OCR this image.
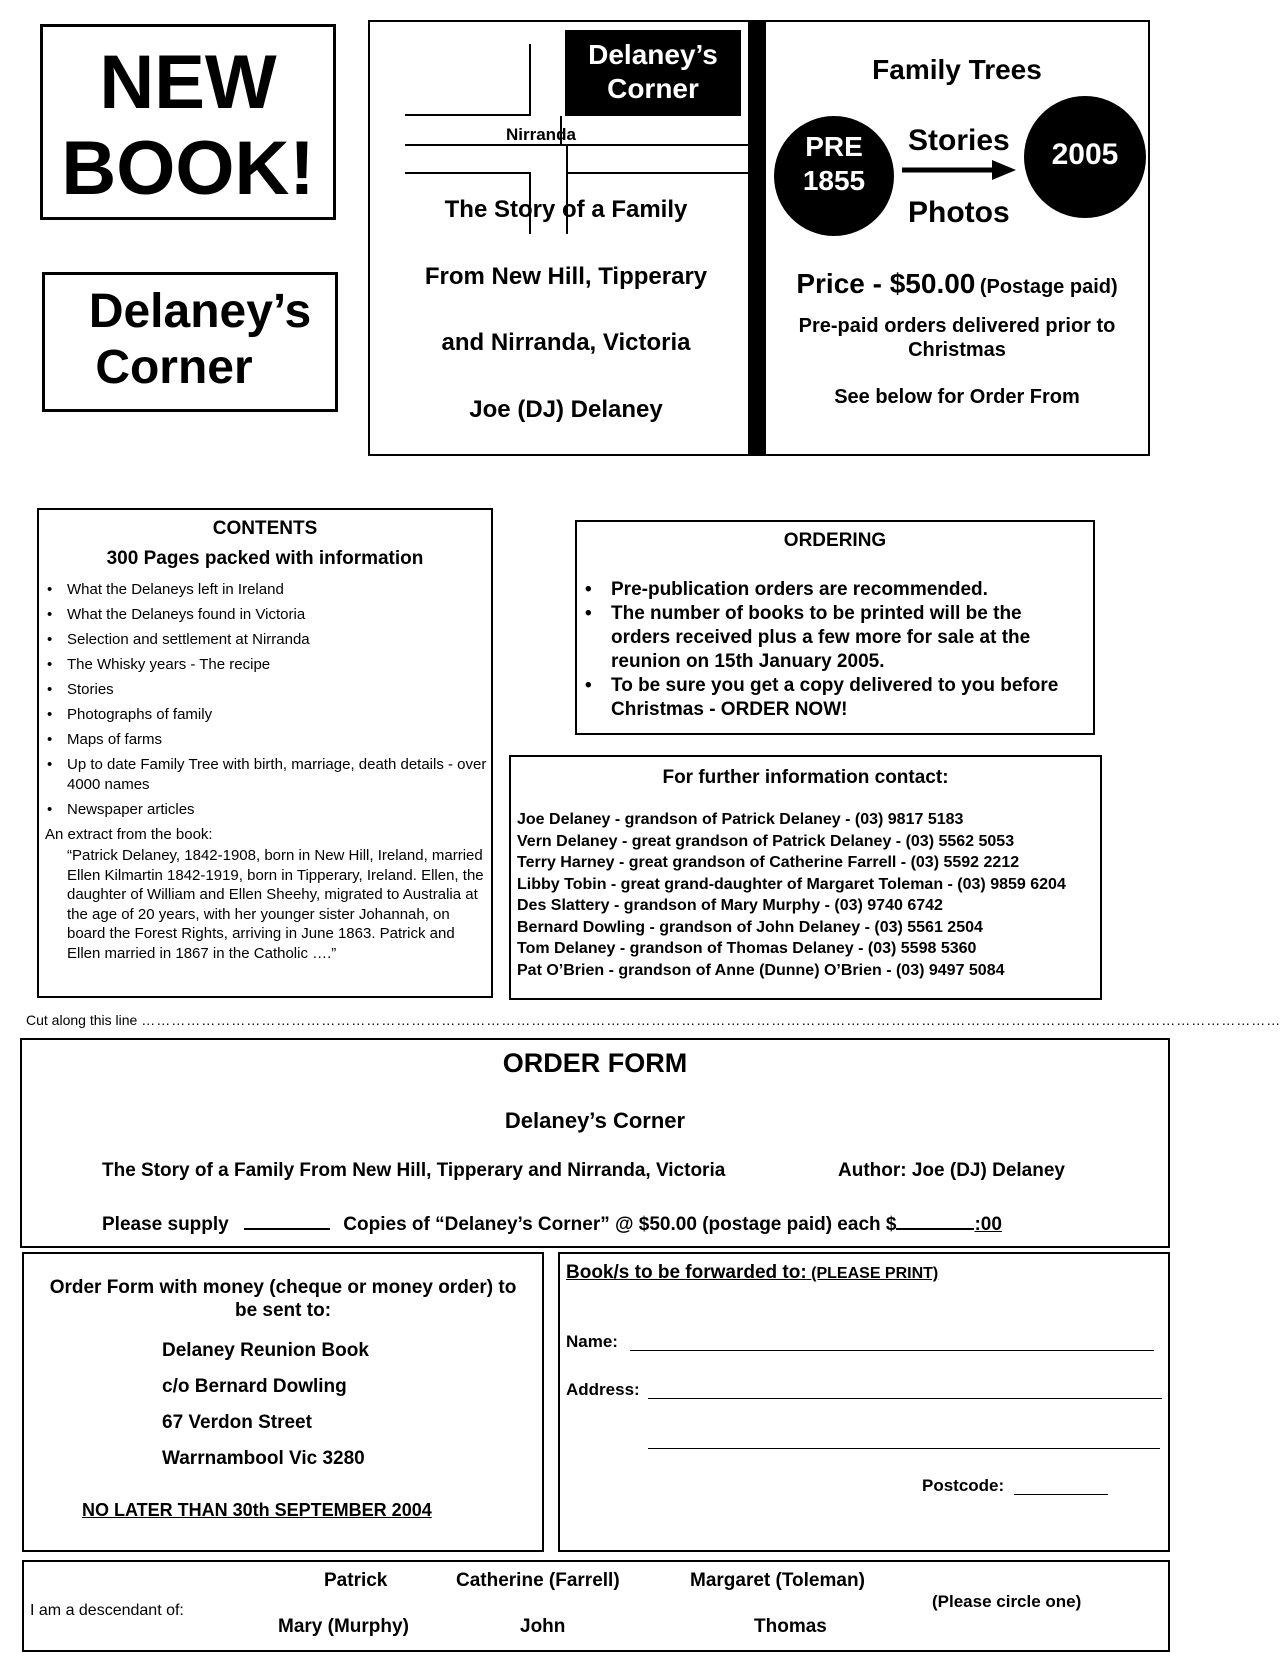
NEW
BOOK!
Delaney’s
Corner
Delaney’s
Corner
Nirranda
The Story of a Family
From New Hill, Tipperary
and Nirranda, Victoria
Joe (DJ) Delaney
Family Trees
PRE
1855
Stories
Photos
2005
Price - $50.00 (Postage paid)
Pre-paid orders delivered prior to Christmas
See below for Order From
CONTENTS
300 Pages packed with information
• What the Delaneys left in Ireland
• What the Delaneys found in Victoria
• Selection and settlement at Nirranda
• The Whisky years - The recipe
• Stories
• Photographs of family
• Maps of farms
• Up to date Family Tree with birth, marriage, death details - over 4000 names
• Newspaper articles
An extract from the book:
“Patrick Delaney, 1842-1908, born in New Hill, Ireland, married Ellen Kilmartin 1842-1919, born in Tipperary, Ireland. Ellen, the daughter of William and Ellen Sheehy, migrated to Australia at the age of 20 years, with her younger sister Johannah, on board the Forest Rights, arriving in June 1863. Patrick and Ellen married in 1867 in the Catholic ….”
ORDERING
• Pre-publication orders are recommended.
• The number of books to be printed will be the orders received plus a few more for sale at the reunion on 15th January 2005.
• To be sure you get a copy delivered to you before Christmas - ORDER NOW!
For further information contact:
Joe Delaney - grandson of Patrick Delaney - (03) 9817 5183
Vern Delaney - great grandson of Patrick Delaney - (03) 5562 5053
Terry Harney - great grandson of Catherine Farrell - (03) 5592 2212
Libby Tobin - great grand-daughter of Margaret Toleman - (03) 9859 6204
Des Slattery - grandson of Mary Murphy - (03) 9740 6742
Bernard Dowling - grandson of John Delaney - (03) 5561 2504
Tom Delaney - grandson of Thomas Delaney - (03) 5598 5360
Pat O’Brien - grandson of Anne (Dunne) O’Brien - (03) 9497 5084
Cut along this line …………………………………………………………………………………………………………………………………………………………………………………………………………
ORDER FORM
Delaney’s Corner
The Story of a Family From New Hill, Tipperary and Nirranda, Victoria	Author: Joe (DJ) Delaney
Please supply	Copies of “Delaney’s Corner” @ $50.00 (postage paid) each $	:00
Order Form with money (cheque or money order) to be sent to:
Delaney Reunion Book
c/o Bernard Dowling
67 Verdon Street
Warrnambool Vic 3280
NO LATER THAN 30th SEPTEMBER 2004
Book/s to be forwarded to: (PLEASE PRINT)
Name:
Address:
Postcode:
I am a descendant of:
Patrick	Catherine (Farrell)	Margaret (Toleman)
Mary (Murphy)	John	Thomas
(Please circle one)
